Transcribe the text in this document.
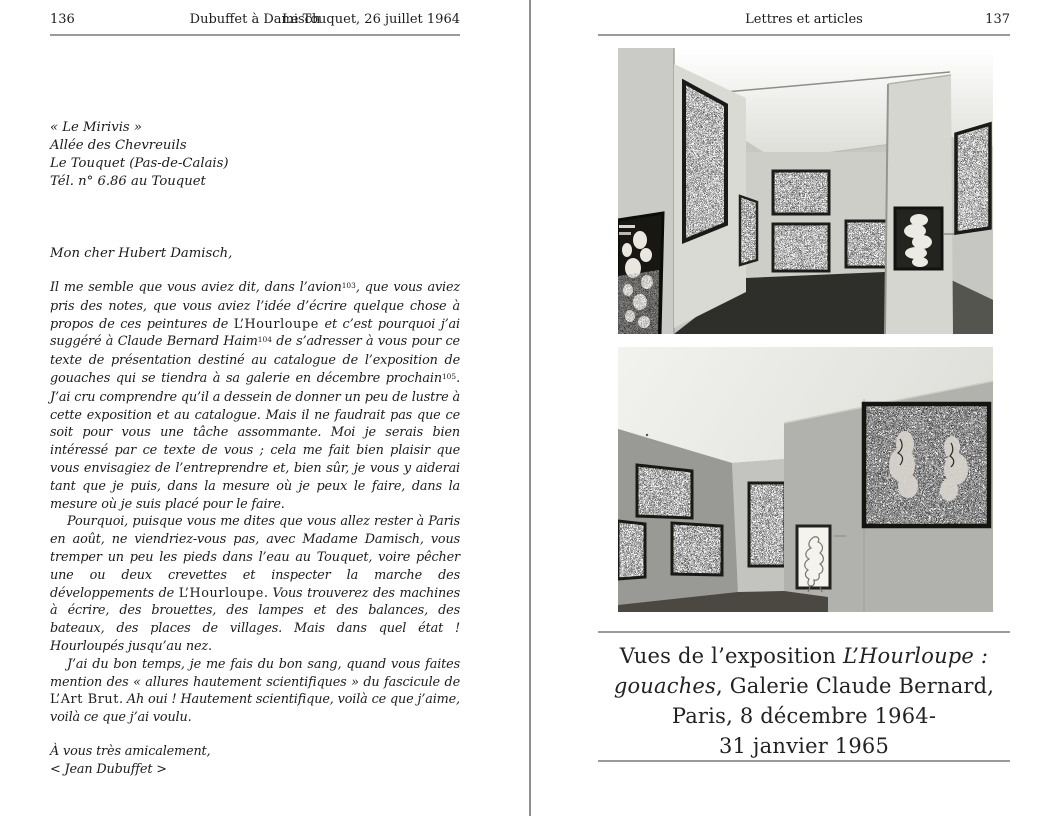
136	Dubuffet à Damisch
Le Touquet, 26 juillet 1964
« Le Mirivis »
Allée des Chevreuils
Le Touquet (Pas-de-Calais)
Tél. n° 6.86 au Touquet
Mon cher Hubert Damisch,

Il me semble que vous aviez dit, dans l’avion$^{103}$, que vous aviez pris des notes, que vous aviez l’idée d’écrire quelque chose à propos de ces peintures de L’Hourloupe et c’est pourquoi j’ai suggéré à Claude Bernard Haim$^{104}$ de s’adresser à vous pour ce texte de présentation destiné au catalogue de l’exposition de gouaches qui se tiendra à sa galerie en décembre prochain$^{105}$. J’ai cru comprendre qu’il a dessein de donner un peu de lustre à cette exposition et au catalogue. Mais il ne faudrait pas que ce soit pour vous une tâche assommante. Moi je serais bien intéressé par ce texte de vous ; cela me fait bien plaisir que vous envisagiez de l’entreprendre et, bien sûr, je vous y aiderai tant que je puis, dans la mesure où je peux le faire, dans la mesure où je suis placé pour le faire.

Pourquoi, puisque vous me dites que vous allez rester à Paris en août, ne viendriez-vous pas, avec Madame Damisch, vous tremper un peu les pieds dans l’eau au Touquet, voire pêcher une ou deux crevettes et inspecter la marche des développements de L’Hourloupe. Vous trouverez des machines à écrire, des brouettes, des lampes et des balances, des bateaux, des places de villages. Mais dans quel état ! Hourloupés jusqu’au nez.

J’ai du bon temps, je me fais du bon sang, quand vous faites mention des « allures hautement scientifiques » du fascicule de L’Art Brut. Ah oui ! Hautement scientifique, voilà ce que j’aime, voilà ce que j’ai voulu.

À vous très amicalement,
< Jean Dubuffet >
Lettres et articles	137
Vues de l’exposition L’Hourloupe :
gouaches, Galerie Claude Bernard,
Paris, 8 décembre 1964-
31 janvier 1965
